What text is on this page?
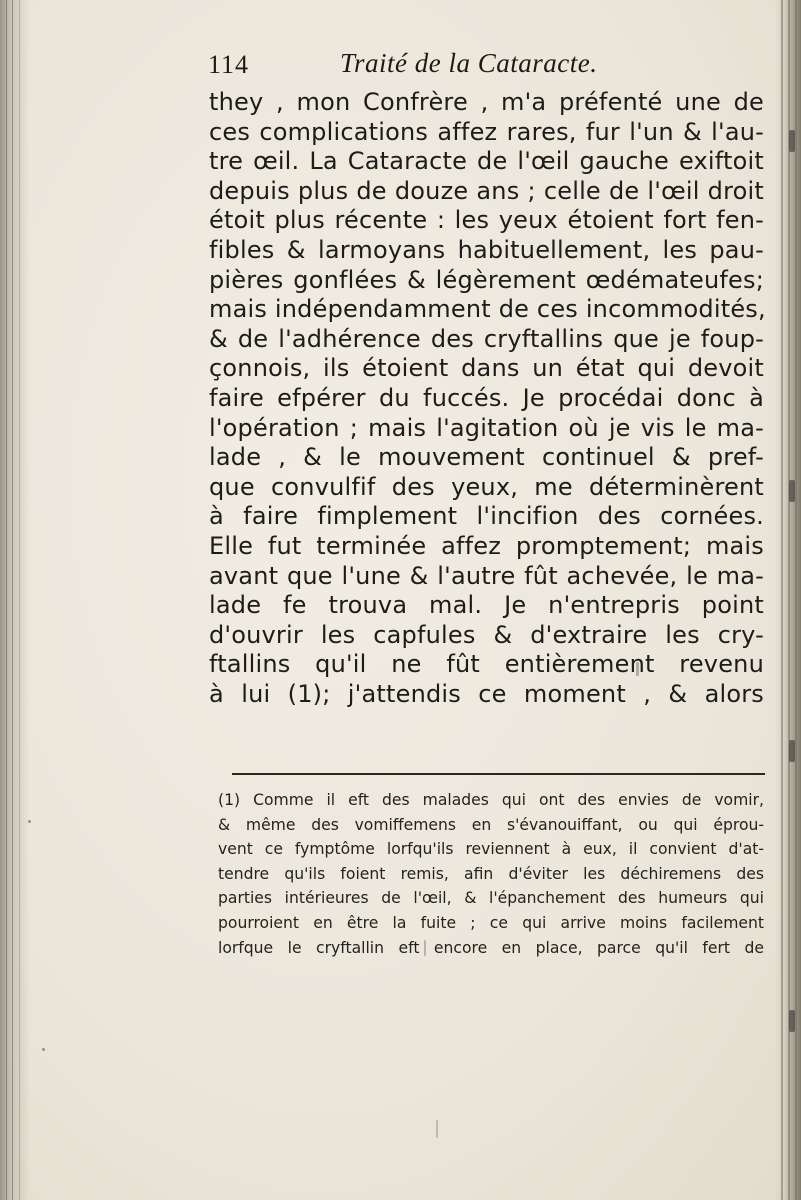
114	Traité de la Cataracte.
they , mon Confrère , m'a préfenté une de
ces complications affez rares, fur l'un & l'au-
tre œil. La Cataracte de l'œil gauche exiftoit
depuis plus de douze ans ; celle de l'œil droit
étoit plus récente : les yeux étoient fort fen-
fibles & larmoyans habituellement, les pau-
pières gonflées & légèrement œdémateufes;
mais indépendamment de ces incommodités,
& de l'adhérence des cryftallins que je foup-
çonnois, ils étoient dans un état qui devoit
faire efpérer du fuccés. Je procédai donc à
l'opération ; mais l'agitation où je vis le ma-
lade , & le mouvement continuel & pref-
que convulfif des yeux, me déterminèrent
à faire fimplement l'incifion des cornées.
Elle fut terminée affez promptement; mais
avant que l'une & l'autre fût achevée, le ma-
lade fe trouva mal. Je n'entrepris point
d'ouvrir les capfules & d'extraire les cry-
ftallins qu'il ne fût entièrement revenu
à lui (1); j'attendis ce moment , & alors
(1) Comme il eft des malades qui ont des envies de vomir,
& même des vomiffemens en s'évanouiffant, ou qui éprou-
vent ce fymptôme lorfqu'ils reviennent à eux, il convient d'at-
tendre qu'ils foient remis, afin d'éviter les déchiremens des
parties intérieures de l'œil, & l'épanchement des humeurs qui
pourroient en être la fuite ; ce qui arrive moins facilement
lorfque le cryftallin eft encore en place, parce qu'il fert de
